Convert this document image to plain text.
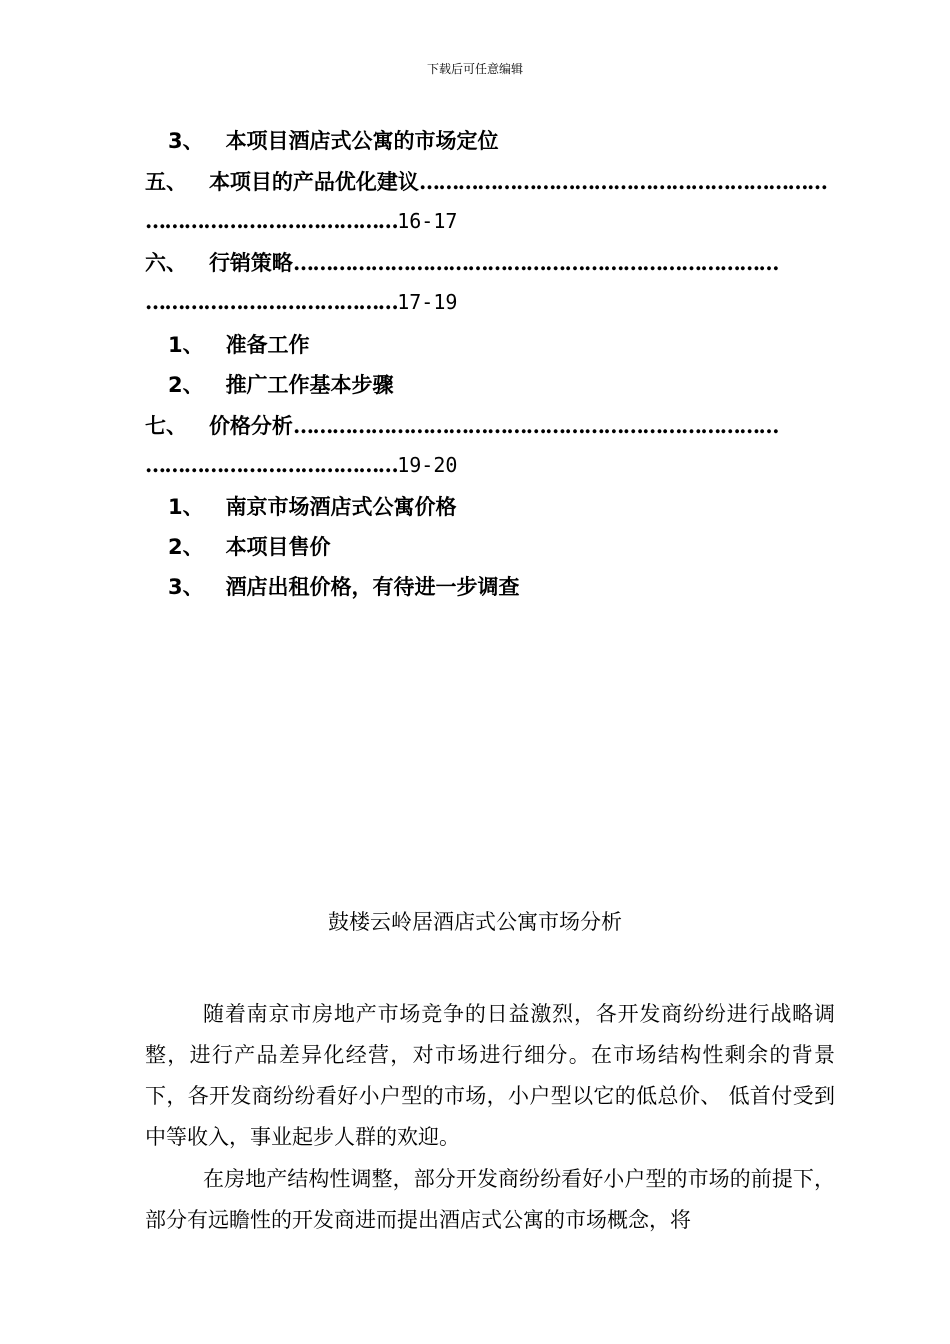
下载后可任意编辑
3、 本项目酒店式公寓的市场定位
五、 本项目的产品优化建议………………………………………………………
…………………………………16-17
六、 行销策略…………………………………………………………………
…………………………………17-19
1、 准备工作
2、 推广工作基本步骤
七、 价格分析…………………………………………………………………
…………………………………19-20
1、 南京市场酒店式公寓价格
2、 本项目售价
3、 酒店出租价格，有待进一步调查
鼓楼云岭居酒店式公寓市场分析

随着南京市房地产市场竞争的日益激烈，各开发商纷纷进行战略调整，进行产品差异化经营，对市场进行细分。在市场结构性剩余的背景下，各开发商纷纷看好小户型的市场，小户型以它的低总价、 低首付受到中等收入，事业起步人群的欢迎。

在房地产结构性调整，部分开发商纷纷看好小户型的市场的前提下，部分有远瞻性的开发商进而提出酒店式公寓的市场概念，将
